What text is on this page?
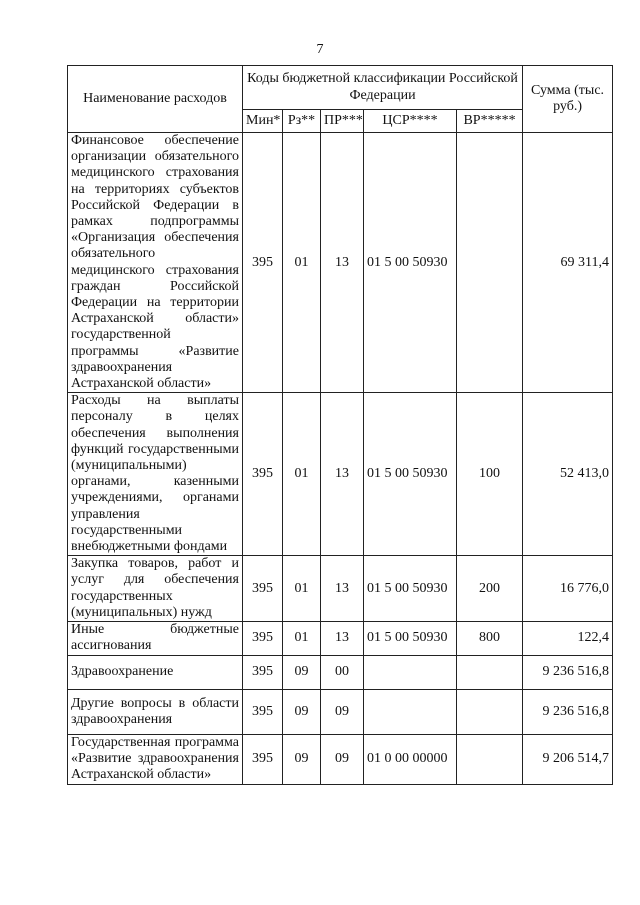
7
Наименование расходов	Коды бюджетной классификации Российской Федерации					Сумма (тыс. руб.)
	Мин*	Рз**	ПР***	ЦСР****	ВР*****	
Финансовое обеспечение организации обязательного медицинского страхования на территориях субъектов Российской Федерации в рамках подпрограммы «Организация обеспечения обязательного медицинского страхования граждан Российской Федерации на территории Астраханской области» государственной программы «Развитие здравоохранения Астраханской области»	395	01	13	01 5 00 50930		69 311,4
Расходы на выплаты персоналу в целях обеспечения выполнения функций государственными (муниципальными) органами, казенными учреждениями, органами управления государственными внебюджетными фондами	395	01	13	01 5 00 50930	100	52 413,0
Закупка товаров, работ и услуг для обеспечения государственных (муниципальных) нужд	395	01	13	01 5 00 50930	200	16 776,0
Иные бюджетные ассигнования	395	01	13	01 5 00 50930	800	122,4
Здравоохранение	395	09	00			9 236 516,8
Другие вопросы в области здравоохранения	395	09	09			9 236 516,8
Государственная программа «Развитие здравоохранения Астраханской области»	395	09	09	01 0 00 00000		9 206 514,7
